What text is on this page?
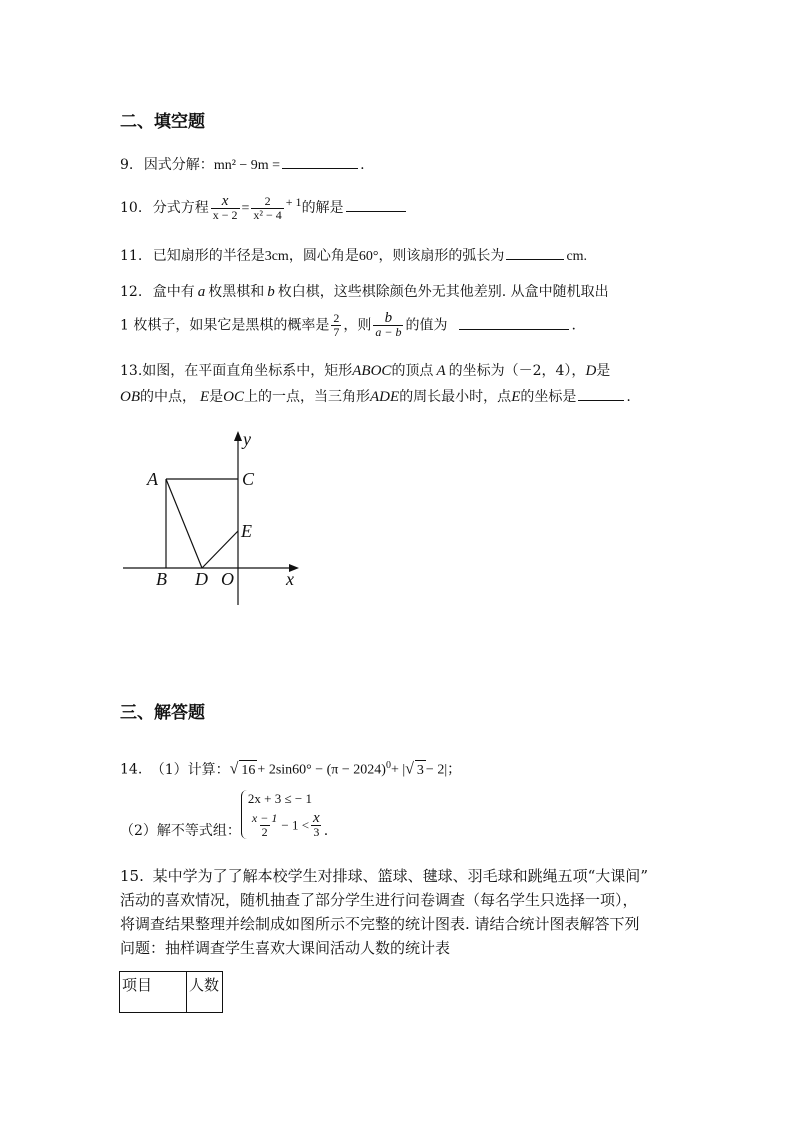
二、填空题
9. 因式分解：mn² − 9m =	.
10. 分式方程 $\frac{x}{x - 2} = \frac{2}{\text{x² − 4}} + 1$的解是
11. 已知扇形的半径是3cm，圆心角是60°，则该扇形的弧长为	cm.
12. 盒中有 a 枚黑棋和 b 枚白棋，这些棋除颜色外无其他差别. 从盒中随机取出
1 枚棋子，如果它是黑棋的概率是 $\frac{2}{7}$ ，则 $\frac{b}{a - b}$ 的值为	.
13.如图，在平面直角坐标系中，矩形ABOC的顶点 A 的坐标为（－2，4），D是
OB的中点， E是OC上的一点，当三角形ADE的周长最小时，点E的坐标是	.
y
A	C
E
B D O	x
三、解答题
14. （1）计算：√ $16 + 2\sin 60^\circ - (\pi - 2024)^0+$ |√ 3 − 2|；
（2）解不等式组：
2x + 3 ≤ − 1
$\frac{x - 1}{2} - 1 < \frac{x}{3}$ .
15. 某中学为了了解本校学生对排球、篮球、毽球、羽毛球和跳绳五项“大课间”
活动的喜欢情况，随机抽查了部分学生进行问卷调查（每名学生只选择一项），
将调查结果整理并绘制成如图所示不完整的统计图表. 请结合统计图表解答下列
问题：抽样调查学生喜欢大课间活动人数的统计表
项目	人数
